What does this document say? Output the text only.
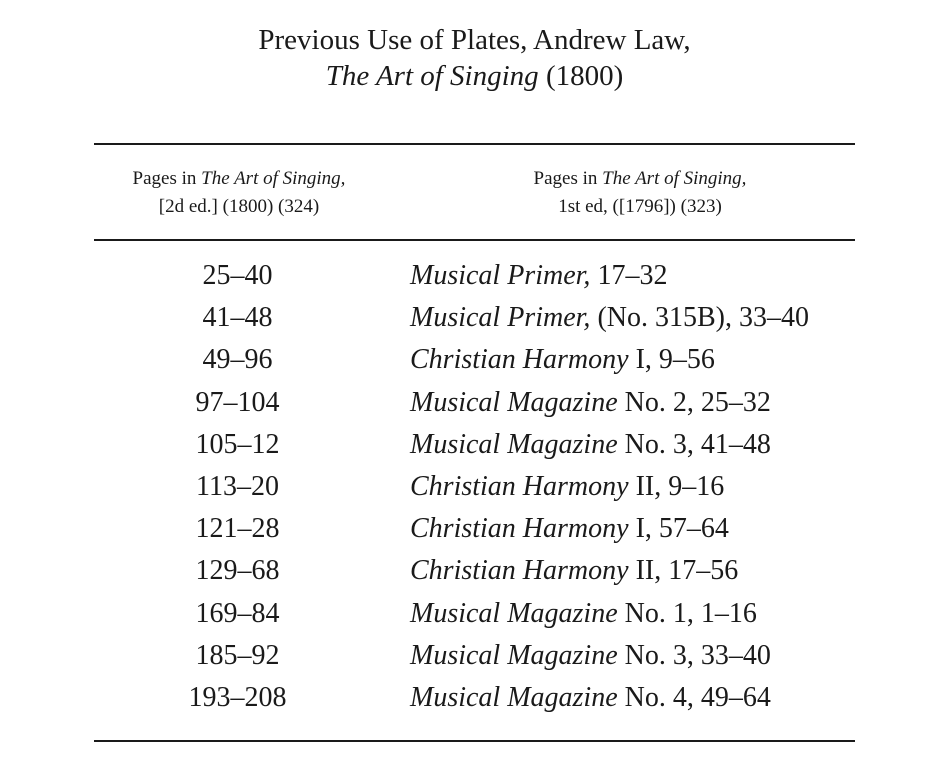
Previous Use of Plates, Andrew Law,
The Art of Singing (1800)
Pages in The Art of Singing,
[2d ed.] (1800) (324)
Pages in The Art of Singing,
1st ed, ([1796]) (323)
25–40	Musical Primer, 17–32
41–48	Musical Primer, (No. 315B), 33–40
49–96	Christian Harmony I, 9–56
97–104	Musical Magazine No. 2, 25–32
105–12	Musical Magazine No. 3, 41–48
113–20	Christian Harmony II, 9–16
121–28	Christian Harmony I, 57–64
129–68	Christian Harmony II, 17–56
169–84	Musical Magazine No. 1, 1–16
185–92	Musical Magazine No. 3, 33–40
193–208	Musical Magazine No. 4, 49–64
